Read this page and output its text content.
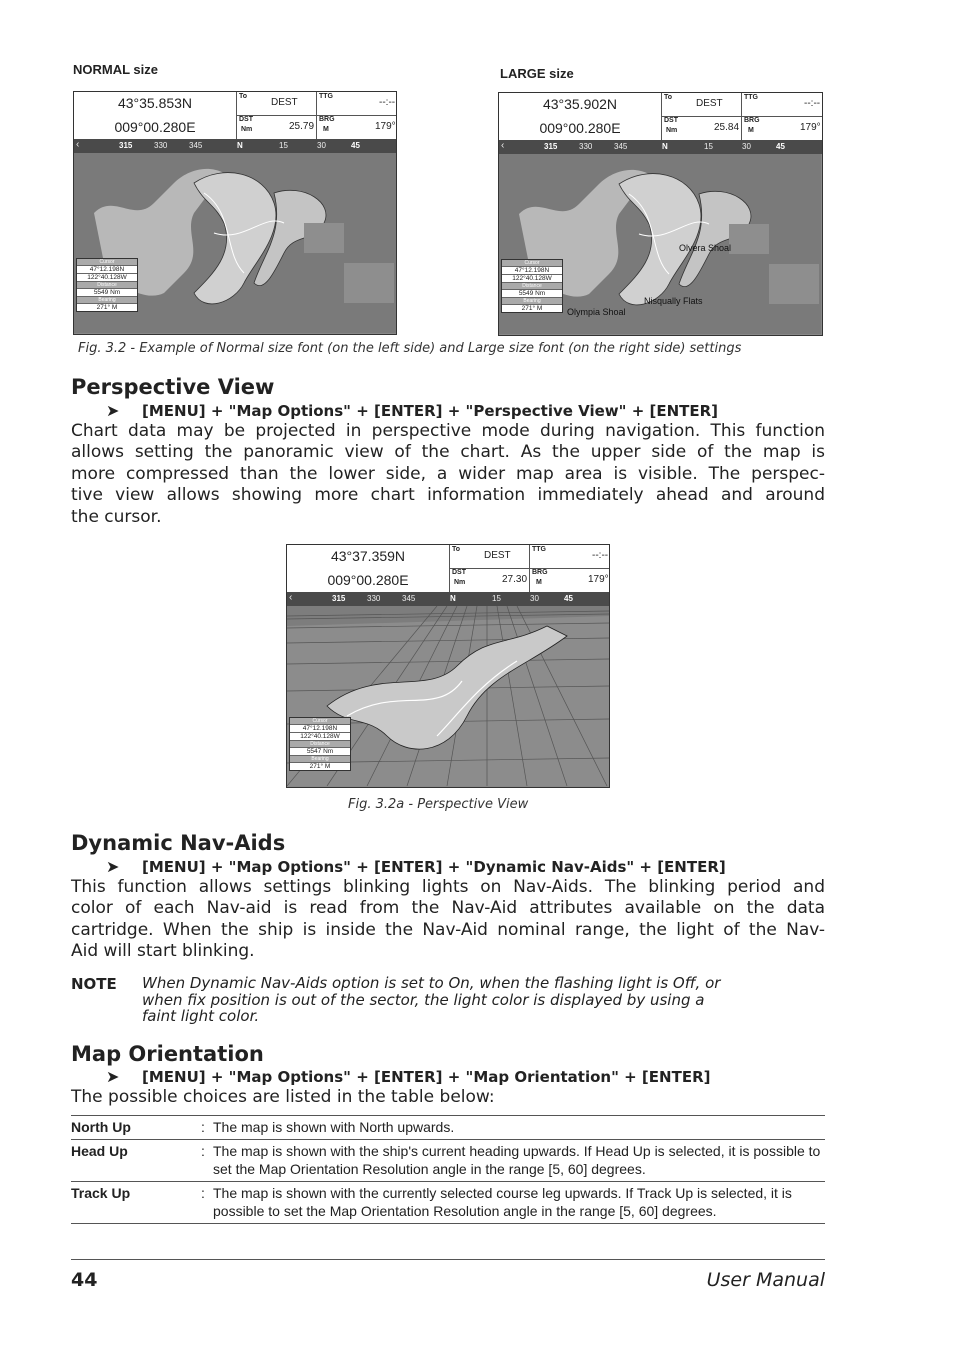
NORMAL size	LARGE size
43°35.853N
009°00.280E
To
DEST
TTG
--:--
DST
Nm	25.79
BRG
M	179°
‹	315	330	345	N	15	30	45
Cursor
47°12.198N
122°40.128W
Distance
5549 Nm
Bearing
271° M
43°35.902N
009°00.280E
To
DEST
TTG
--:--
DST
Nm	25.84
BRG
M	179°
‹	315	330	345	N	15	30	45
Cursor
47°12.198N
122°40.128W
Distance
5549 Nm
Bearing
271° M
Olvera Shoal
Nisqually Flats
Olympia Shoal
Fig. 3.2 - Example of Normal size font (on the left side) and Large size font (on the right side) settings
Perspective View
➤ [MENU] + "Map Options" + [ENTER] + "Perspective View" + [ENTER]
Chart data may be projected in perspective mode during navigation. This function
allows setting the panoramic view of the chart. As the upper side of the map is
more compressed than the lower side, a wider map area is visible. The perspec-
tive view allows showing more chart information immediately ahead and around
the cursor.
43°37.359N
009°00.280E
To
DEST
TTG
--:--
DST
Nm	27.30
BRG
M	179°
‹	315	330	345	N	15	30	45
Cursor
47°12.198N
122°40.128W
Distance
5547 Nm
Bearing
271° M
Fig. 3.2a - Perspective View
Dynamic Nav-Aids
➤ [MENU] + "Map Options" + [ENTER] + "Dynamic Nav-Aids" + [ENTER]
This function allows settings blinking lights on Nav-Aids. The blinking period and
color of each Nav-aid is read from the Nav-Aid attributes available on the data
cartridge. When the ship is inside the Nav-Aid nominal range, the light of the Nav-
Aid will start blinking.
NOTE When Dynamic Nav-Aids option is set to On, when the flashing light is Off, or
when fix position is out of the sector, the light color is displayed by using a
faint light color.
Map Orientation
➤ [MENU] + "Map Options" + [ENTER] + "Map Orientation" + [ENTER]
The possible choices are listed in the table below:
North Up	:	The map is shown with North upwards.
Head Up	:	The map is shown with the ship's current heading upwards. If Head Up is selected, it is possible to set the Map Orientation Resolution angle in the range [5, 60] degrees.
Track Up	:	The map is shown with the currently selected course leg upwards. If Track Up is selected, it is possible to set the Map Orientation Resolution angle in the range [5, 60] degrees.
44	User Manual
